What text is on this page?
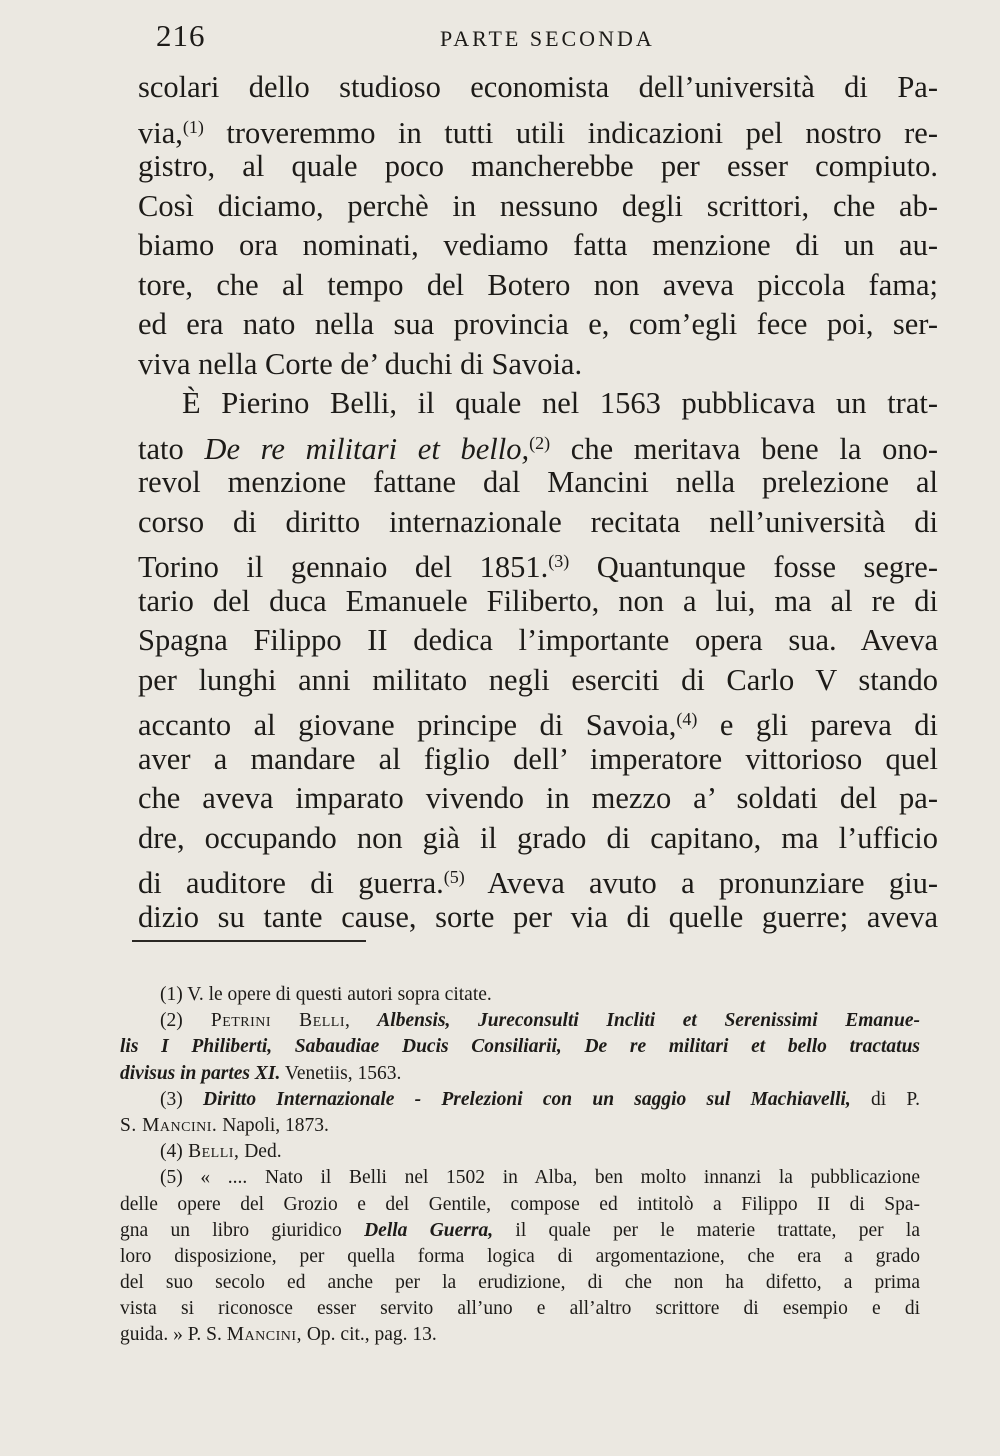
216	PARTE SECONDA
scolari dello studioso economista dell’università di Pa-
via,$^{(1)}$ troveremmo in tutti utili indicazioni pel nostro re-
gistro, al quale poco mancherebbe per esser compiuto.
Così diciamo, perchè in nessuno degli scrittori, che ab-
biamo ora nominati, vediamo fatta menzione di un au-
tore, che al tempo del Botero non aveva piccola fama;
ed era nato nella sua provincia e, com’egli fece poi, ser-
viva nella Corte de’ duchi di Savoia.
È Pierino Belli, il quale nel 1563 pubblicava un trat-
tato De re militari et bello,$^{(2)}$ che meritava bene la ono-
revol menzione fattane dal Mancini nella prelezione al
corso di diritto internazionale recitata nell’università di
Torino il gennaio del 1851.$^{(3)}$ Quantunque fosse segre-
tario del duca Emanuele Filiberto, non a lui, ma al re di
Spagna Filippo II dedica l’importante opera sua. Aveva
per lunghi anni militato negli eserciti di Carlo V stando
accanto al giovane principe di Savoia,$^{(4)}$ e gli pareva di
aver a mandare al figlio dell’ imperatore vittorioso quel
che aveva imparato vivendo in mezzo a’ soldati del pa-
dre, occupando non già il grado di capitano, ma l’ufficio
di auditore di guerra.$^{(5)}$ Aveva avuto a pronunziare giu-
dizio su tante cause, sorte per via di quelle guerre; aveva
(1) V. le opere di questi autori sopra citate.
(2) Petrini Belli, Albensis, Jureconsulti Incliti et Serenissimi Emanue-
lis I Philiberti, Sabaudiae Ducis Consiliarii, De re militari et bello tractatus
divisus in partes XI. Venetiis, 1563.
(3) Diritto Internazionale - Prelezioni con un saggio sul Machiavelli, di P.
S. Mancini. Napoli, 1873.
(4) Belli, Ded.
(5) « .... Nato il Belli nel 1502 in Alba, ben molto innanzi la pubblicazione
delle opere del Grozio e del Gentile, compose ed intitolò a Filippo II di Spa-
gna un libro giuridico Della Guerra, il quale per le materie trattate, per la
loro disposizione, per quella forma logica di argomentazione, che era a grado
del suo secolo ed anche per la erudizione, di che non ha difetto, a prima
vista si riconosce esser servito all’uno e all’altro scrittore di esempio e di
guida. » P. S. Mancini, Op. cit., pag. 13.
